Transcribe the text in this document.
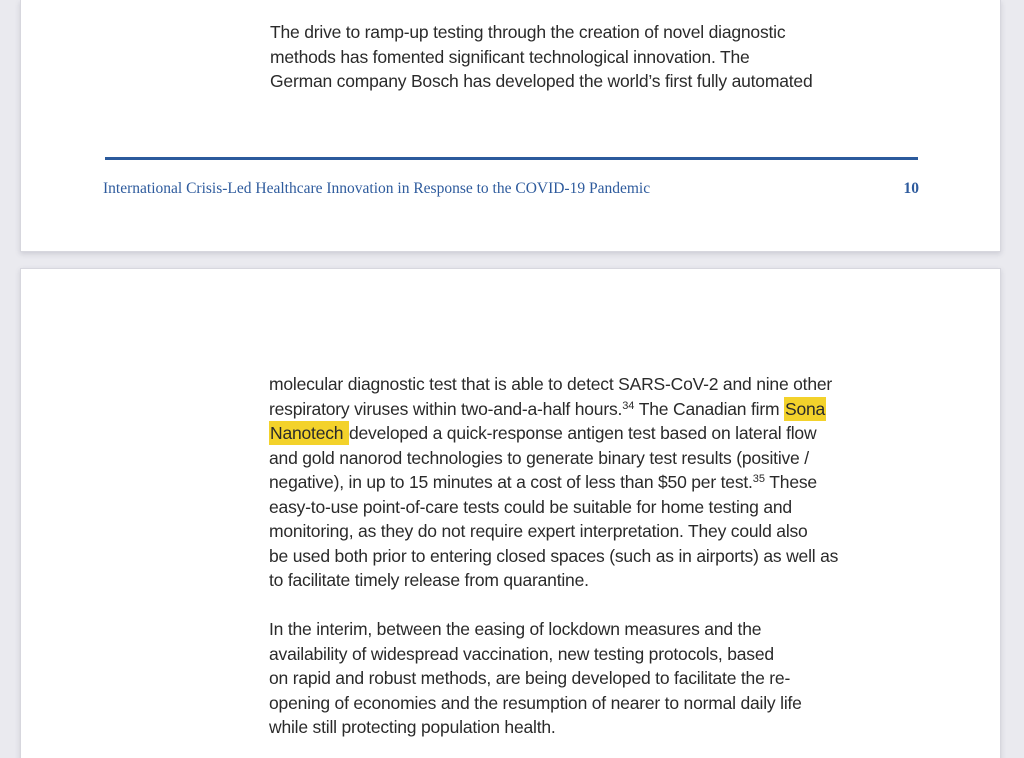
The drive to ramp-up testing through the creation of novel diagnostic
methods has fomented significant technological innovation. The
German company Bosch has developed the world’s first fully automated
International Crisis-Led Healthcare Innovation in Response to the COVID-19 Pandemic	10
molecular diagnostic test that is able to detect SARS-CoV-2 and nine other
respiratory viruses within two-and-a-half hours.$^{34}$ The Canadian firm Sona
Nanotech developed a quick-response antigen test based on lateral flow
and gold nanorod technologies to generate binary test results (positive /
negative), in up to 15 minutes at a cost of less than $50 per test.$^{35}$ These
easy-to-use point-of-care tests could be suitable for home testing and
monitoring, as they do not require expert interpretation. They could also
be used both prior to entering closed spaces (such as in airports) as well as
to facilitate timely release from quarantine.
In the interim, between the easing of lockdown measures and the
availability of widespread vaccination, new testing protocols, based
on rapid and robust methods, are being developed to facilitate the re-
opening of economies and the resumption of nearer to normal daily life
while still protecting population health.
